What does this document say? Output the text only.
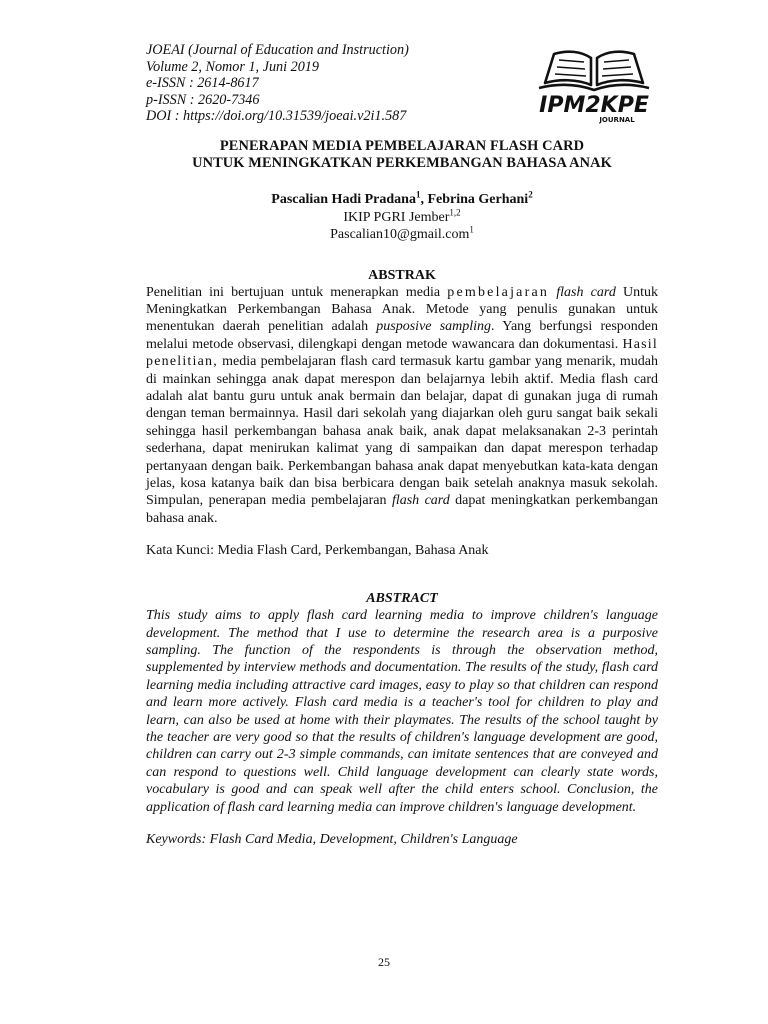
JOEAI (Journal of Education and Instruction)
Volume 2, Nomor 1, Juni 2019
e-ISSN : 2614-8617
p-ISSN : 2620-7346
DOI : https://doi.org/10.31539/joeai.v2i1.587	IPM2KPE
JOURNAL
PENERAPAN MEDIA PEMBELAJARAN FLASH CARD
UNTUK MENINGKATKAN PERKEMBANGAN BAHASA ANAK
Pascalian Hadi Pradana$^1$, Febrina Gerhani$^2$
IKIP PGRI Jember$^{1,2}$
Pascalian10@gmail.com$^1$
ABSTRAK
Penelitian ini bertujuan untuk menerapkan media pembelajaran flash card Untuk Meningkatkan Perkembangan Bahasa Anak. Metode yang penulis gunakan untuk menentukan daerah penelitian adalah pusposive sampling. Yang berfungsi responden melalui metode observasi, dilengkapi dengan metode wawancara dan dokumentasi. Hasil penelitian, media pembelajaran flash card termasuk kartu gambar yang menarik, mudah di mainkan sehingga anak dapat merespon dan belajarnya lebih aktif. Media flash card adalah alat bantu guru untuk anak bermain dan belajar, dapat di gunakan juga di rumah dengan teman bermainnya. Hasil dari sekolah yang diajarkan oleh guru sangat baik sekali sehingga hasil perkembangan bahasa anak baik, anak dapat melaksanakan 2-3 perintah sederhana, dapat menirukan kalimat yang di sampaikan dan dapat merespon terhadap pertanyaan dengan baik. Perkembangan bahasa anak dapat menyebutkan kata-kata dengan jelas, kosa katanya baik dan bisa berbicara dengan baik setelah anaknya masuk sekolah. Simpulan, penerapan media pembelajaran flash card dapat meningkatkan perkembangan bahasa anak.
Kata Kunci: Media Flash Card, Perkembangan, Bahasa Anak
ABSTRACT
This study aims to apply flash card learning media to improve children's language development. The method that I use to determine the research area is a purposive sampling. The function of the respondents is through the observation method, supplemented by interview methods and documentation. The results of the study, flash card learning media including attractive card images, easy to play so that children can respond and learn more actively. Flash card media is a teacher's tool for children to play and learn, can also be used at home with their playmates. The results of the school taught by the teacher are very good so that the results of children's language development are good, children can carry out 2-3 simple commands, can imitate sentences that are conveyed and can respond to questions well. Child language development can clearly state words, vocabulary is good and can speak well after the child enters school. Conclusion, the application of flash card learning media can improve children's language development.
Keywords: Flash Card Media, Development, Children's Language
25
